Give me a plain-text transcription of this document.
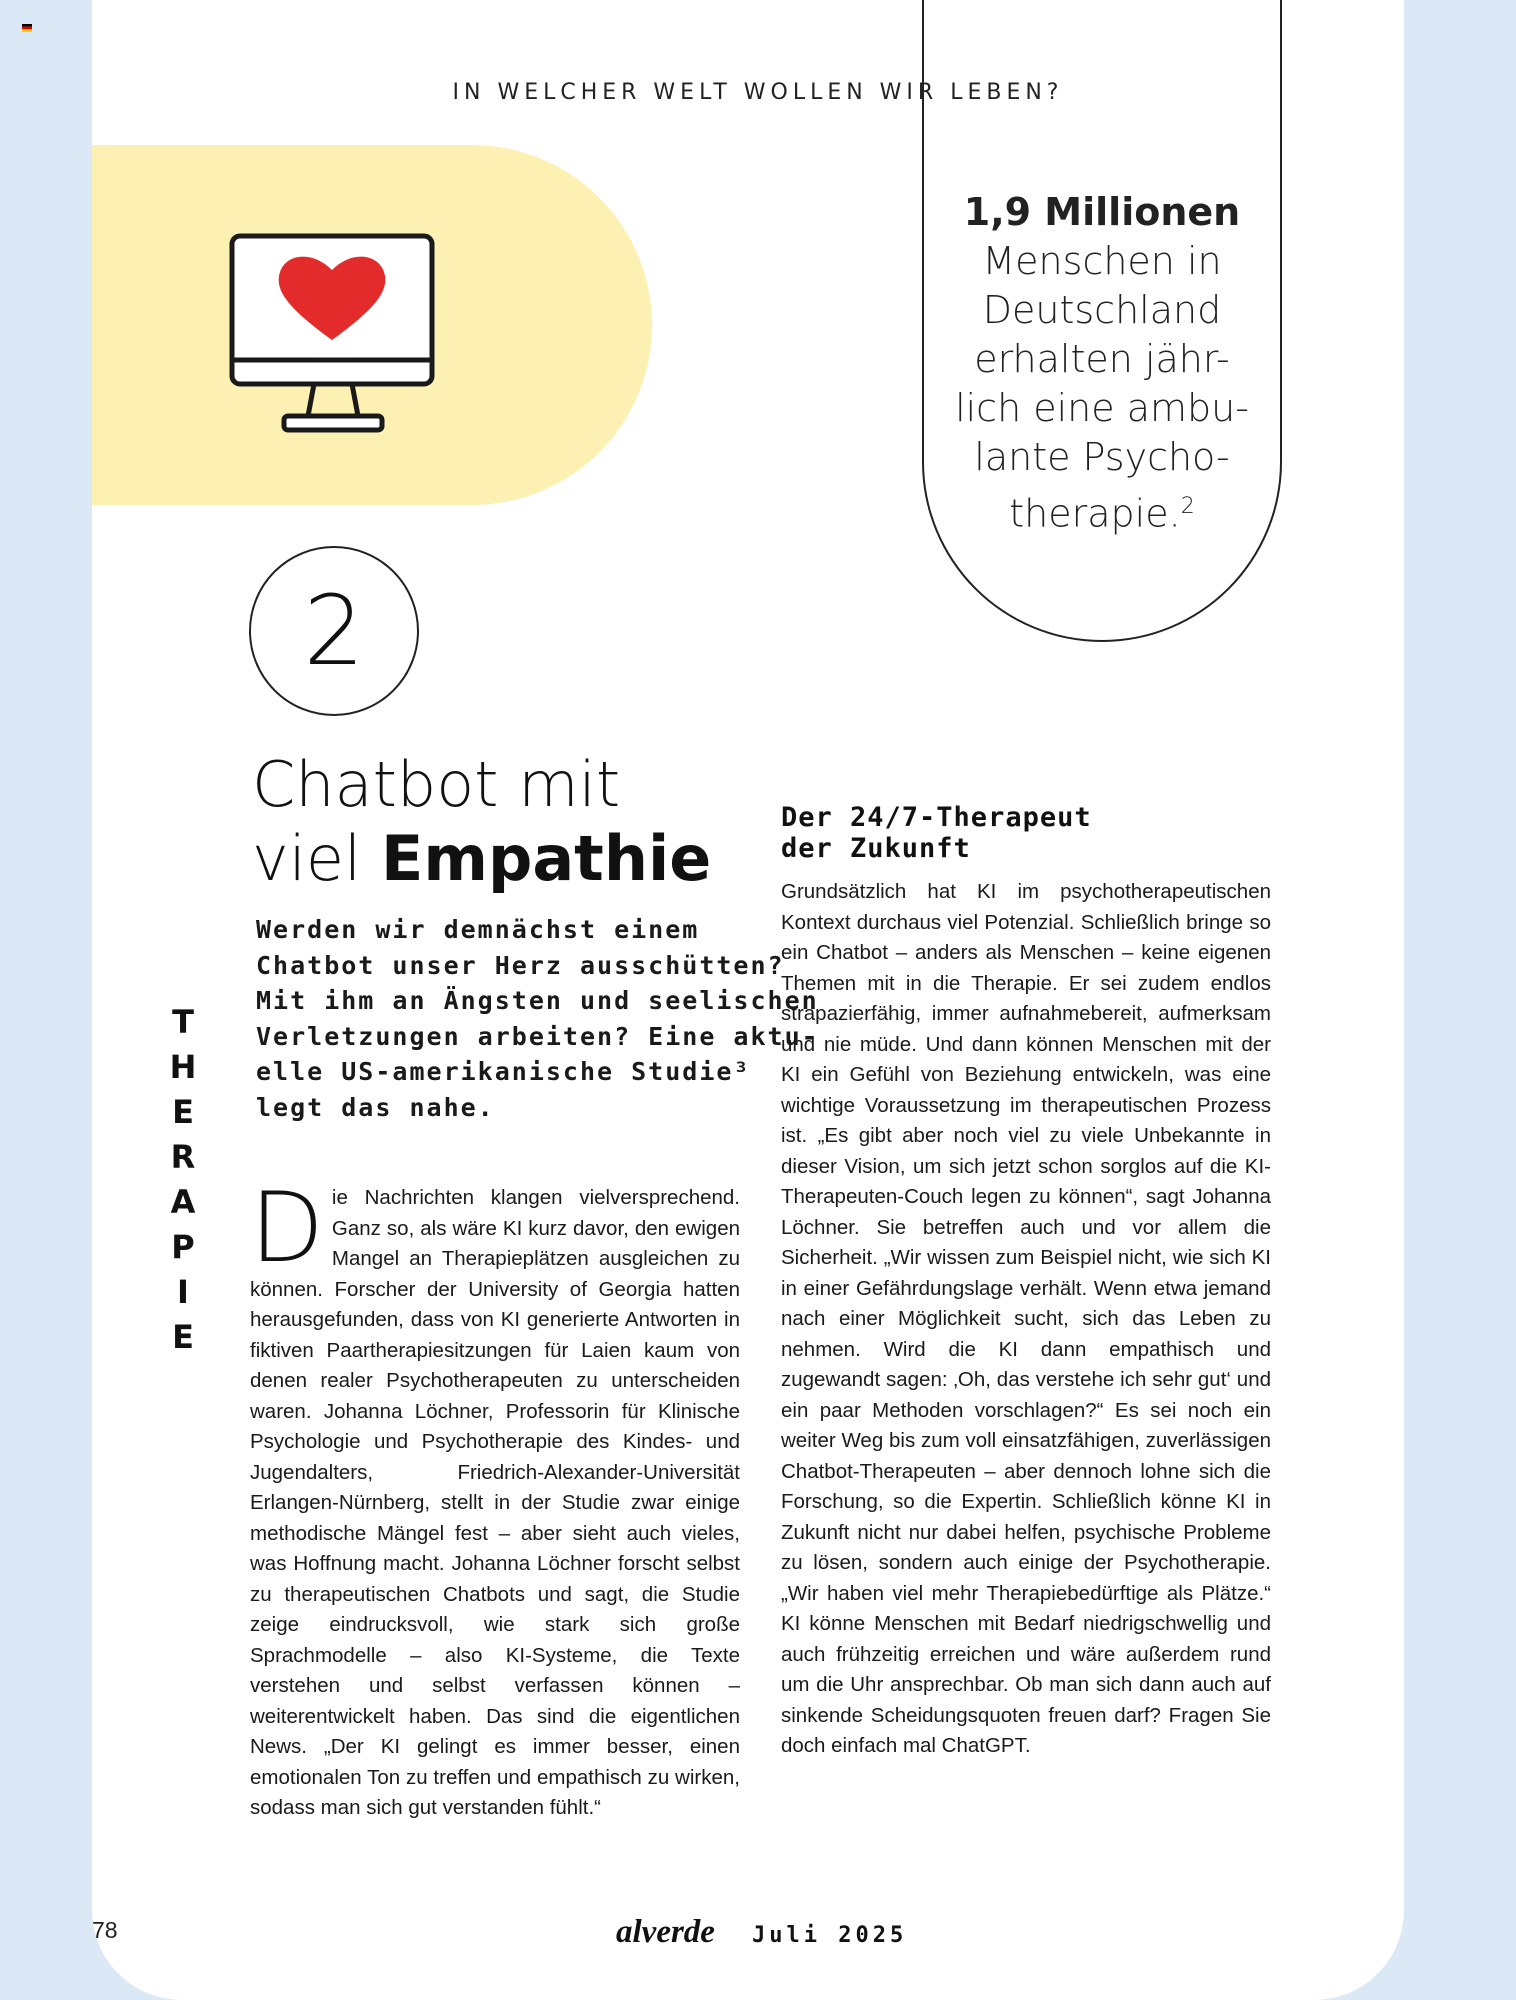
IN WELCHER WELT WOLLEN WIR LEBEN?
1,9 Millionen
Menschen in
Deutschland
erhalten jähr-
lich eine ambu-
lante Psycho-
therapie.$^2$
2
Chatbot mit
viel Empathie
Werden wir demnächst einem
Chatbot unser Herz ausschütten?
Mit ihm an Ängsten und seelischen
Verletzungen arbeiten? Eine
elle US-amerikanische Studie³
legt das nahe.
THERAPIE
Die Nachrichten klangen vielversprechend. Ganz so, als wäre KI kurz davor, den ewigen Mangel an Therapieplätzen ausgleichen zu können. Forscher der University of Georgia hatten herausgefunden, dass von KI generierte Antworten in fiktiven Paartherapiesitzungen für Laien kaum von denen realer Psychotherapeuten zu unterscheiden waren. Johanna Löchner, Professorin für Klinische Psychologie und Psychotherapie des Kindes- und Jugendalters, Friedrich-Alexander-Universität Erlangen-Nürnberg, stellt in der Studie zwar einige methodische Mängel fest – aber sieht auch vieles, was Hoffnung macht. Johanna Löchner forscht selbst zu therapeutischen Chatbots und sagt, die Studie zeige eindrucksvoll, wie stark sich große Sprachmodelle – also KI-Systeme, die Texte verstehen und selbst verfassen können – weiterentwickelt haben. Das sind die eigentlichen News. „Der KI gelingt es immer besser, einen emotionalen Ton zu treffen und empathisch zu wirken, sodass man sich gut verstanden fühlt.“
Der 24/7-Therapeut
der Zukunft
Grundsätzlich hat KI im psychotherapeutischen Kontext durchaus viel Potenzial. Schließlich bringe so ein Chatbot – anders als Menschen – keine eigenen Themen mit in die Therapie. Er sei zudem endlos strapazierfähig, immer aufnahmebereit, aufmerksam und nie müde. Und dann können Menschen mit der KI ein Gefühl von Beziehung entwickeln, was eine wichtige Voraussetzung im therapeutischen Prozess ist. „Es gibt aber noch viel zu viele Unbekannte in dieser Vision, um sich jetzt schon sorglos auf die KI-Therapeuten-Couch legen zu können“, sagt Johanna Löchner. Sie betreffen auch und vor allem die Sicherheit. „Wir wissen zum Beispiel nicht, wie sich KI in einer Gefährdungslage verhält. Wenn etwa jemand nach einer Möglichkeit sucht, sich das Leben zu nehmen. Wird die KI dann empathisch und zugewandt sagen: ‚Oh, das verstehe ich sehr gut‘ und ein paar Methoden vorschlagen?“ Es sei noch ein weiter Weg bis zum voll einsatzfähigen, zuverlässigen Chatbot-Therapeuten – aber dennoch lohne sich die Forschung, so die Expertin. Schließlich könne KI in Zukunft nicht nur dabei helfen, psychische Probleme zu lösen, sondern auch einige der Psychotherapie. „Wir haben viel mehr Therapiebedürftige als Plätze.“ KI könne Menschen mit Bedarf niedrigschwellig und auch frühzeitig erreichen und wäre außerdem rund um die Uhr ansprechbar. Ob man sich dann auch auf sinkende Scheidungsquoten freuen darf? Fragen Sie doch einfach mal ChatGPT.
78	alverde Juli 2025
